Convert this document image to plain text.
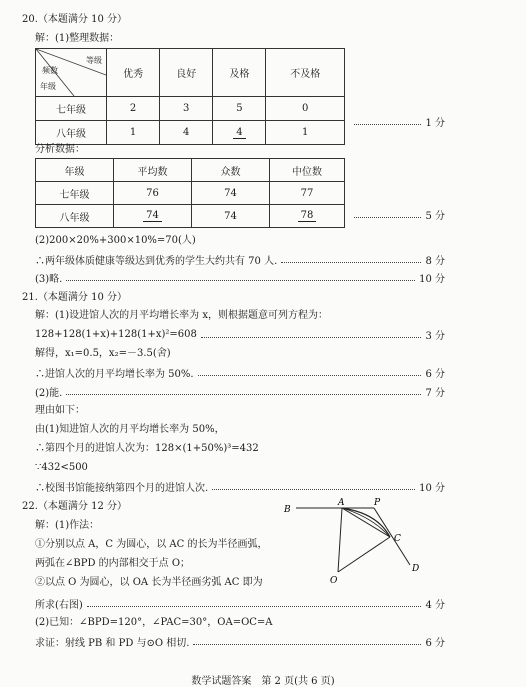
20.（本题满分 10 分）
解：(1)整理数据：
等级
频数
年级	优秀	良好	及格	不及格
七年级	2	3	5	0
八年级	1	4	4	1
1 分
分析数据：
年级	平均数	众数	中位数
七年级	76	74	77
八年级	74	74	78	5 分
(2)200×20%+300×10%=70(人)
∴两年级体质健康等级达到优秀的学生大约共有 70 人.	8 分
(3)略.	10 分
21.（本题满分 10 分）
解：(1)设进馆人次的月平均增长率为 x，则根据题意可列方程为：
128+128(1+x)+128(1+x)²=608	3 分
解得，x₁=0.5，x₂=－3.5(舍)
∴进馆人次的月平均增长率为 50%.	6 分
(2)能.	7 分
理由如下：
由(1)知进馆人次的月平均增长率为 50%，
∴第四个月的进馆人次为：128×(1+50%)³=432
∵432<500
∴校图书馆能接纳第四个月的进馆人次.	10 分
22.（本题满分 12 分）
解：(1)作法：
①分别以点 A，C 为圆心，以 AC 的长为半径画弧，
两弧在∠BPD 的内部相交于点 O；
②以点 O 为圆心，以 OA 长为半径画劣弧 AC 即为
所求(右图)	4 分
(2)已知：∠BPD=120°，∠PAC=30°，OA=OC=A
求证：射线 PB 和 PD 与⊙O 相切.	6 分
B
A	P
C
D
O
数学试题答案　第 2 页(共 6 页)
